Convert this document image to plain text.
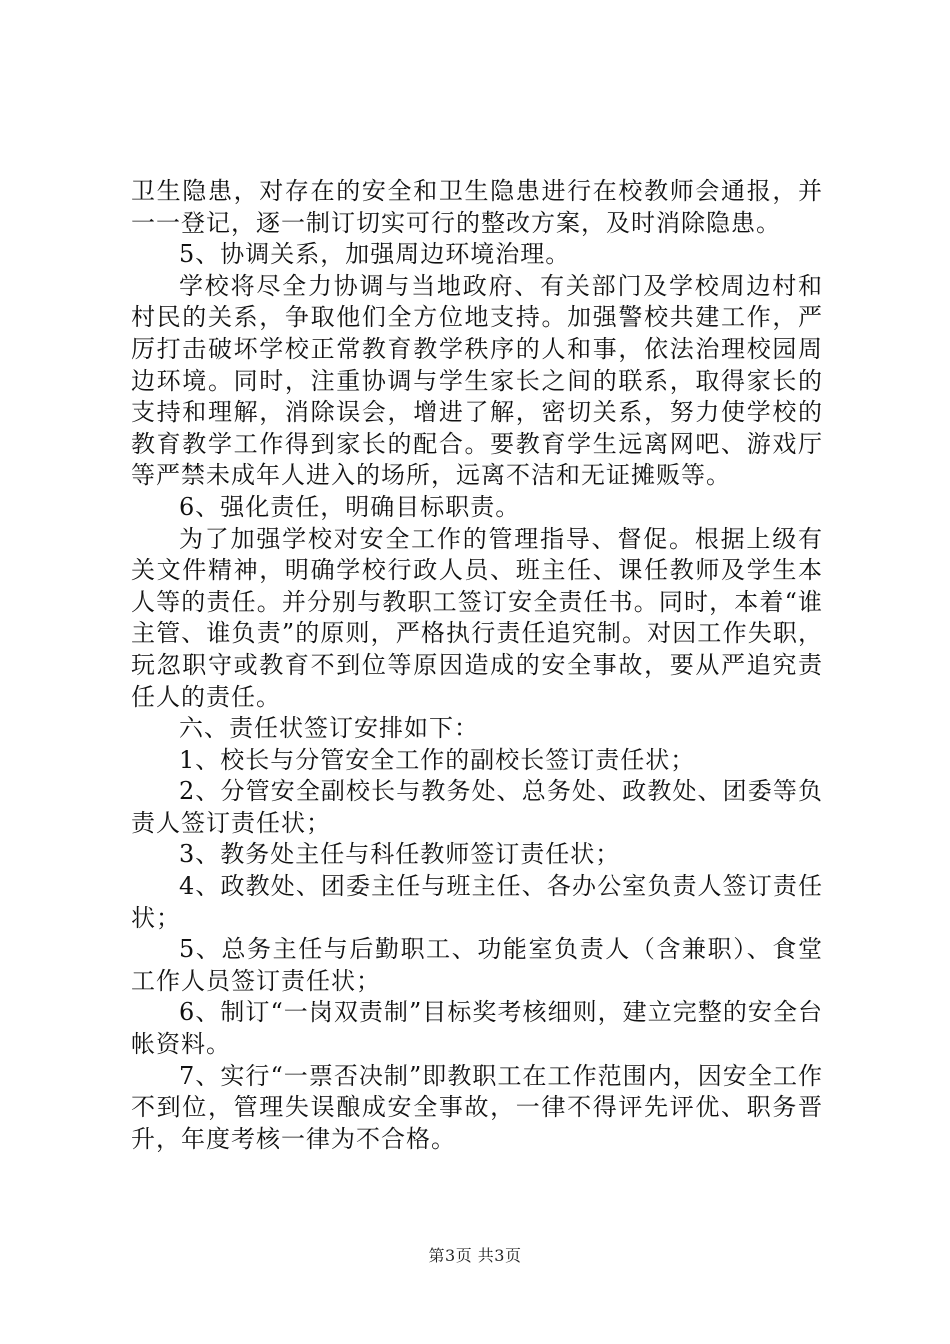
卫生隐患，对存在的安全和卫生隐患进行在校教师会通报，并一一登记，逐一制订切实可行的整改方案，及时消除隐患。

5、协调关系，加强周边环境治理。

学校将尽全力协调与当地政府、有关部门及学校周边村和村民的关系，争取他们全方位地支持。加强警校共建工作，严厉打击破坏学校正常教育教学秩序的人和事，依法治理校园周边环境。同时，注重协调与学生家长之间的联系，取得家长的支持和理解，消除误会，增进了解，密切关系，努力使学校的教育教学工作得到家长的配合。要教育学生远离网吧、游戏厅等严禁未成年人进入的场所，远离不洁和无证摊贩等。

6、强化责任，明确目标职责。

为了加强学校对安全工作的管理指导、督促。根据上级有关文件精神，明确学校行政人员、班主任、课任教师及学生本人等的责任。并分别与教职工签订安全责任书。同时，本着“谁主管、谁负责”的原则，严格执行责任追究制。对因工作失职，玩忽职守或教育不到位等原因造成的安全事故，要从严追究责任人的责任。

六、责任状签订安排如下：

1、校长与分管安全工作的副校长签订责任状；

2、分管安全副校长与教务处、总务处、政教处、团委等负责人签订责任状；

3、教务处主任与科任教师签订责任状；

4、政教处、团委主任与班主任、各办公室负责人签订责任状；

5、总务主任与后勤职工、功能室负责人（含兼职）、食堂工作人员签订责任状；

6、制订“一岗双责制”目标奖考核细则，建立完整的安全台帐资料。

7、实行“一票否决制”即教职工在工作范围内，因安全工作不到位，管理失误酿成安全事故，一律不得评先评优、职务晋升，年度考核一律为不合格。

第3页 共3页
